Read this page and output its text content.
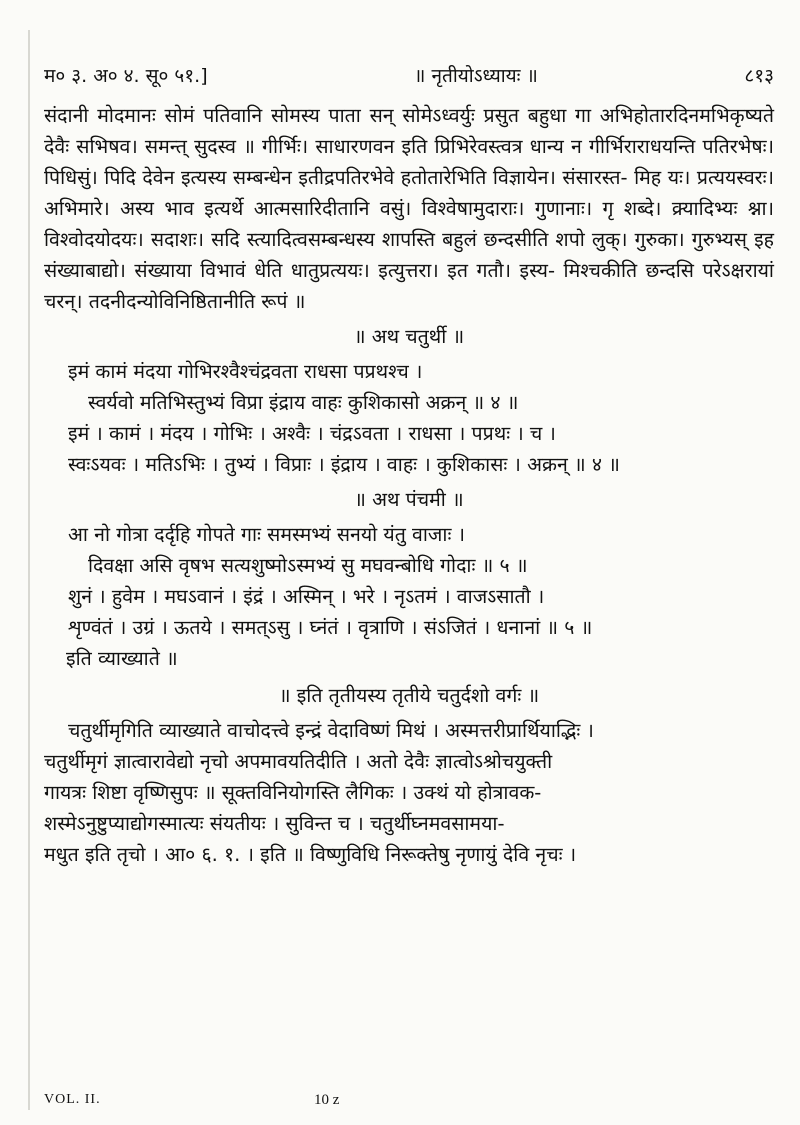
म० ३. अ० ४. सू० ५१.]	॥ नृतीयोऽध्यायः ॥	८१३

संदानी मोदमानः सोमं पतिवानि सोमस्य पाता सन् सोमेऽध्वर्युः प्रसुत बहुधा गा अभिहोतारदिनमभिकृष्यते देवैः सभिषव। समन्त् सुदस्व ॥ गीर्भिः। साधारणवन इति प्रिभिरेवस्त्वत्र धान्य न गीर्भिराराधयन्ति पतिरभेषः। पिधिसुं। पिदि देवेन इत्यस्य सम्बन्धेन इतीद्रपतिरभेवे हतोतारेभिति विज्ञायेन। संसारस्त- मिह यः। प्रत्ययस्वरः। अभिमारे। अस्य भाव इत्यर्थे आत्मसारिदीतानि वसुं। विश्वेषामुदाराः। गुणानाः। गृ शब्दे। क्र्यादिभ्यः श्ना। विश्वोदयोदयः। सदाशः। सदि स्त्यादित्वसम्बन्धस्य शापस्ति बहुलं छन्दसीति शपो लुक्। गुरुका। गुरुभ्यस् इह संख्याबाद्यो। संख्याया विभावं धेति धातुप्रत्ययः। इत्युत्तरा। इत गतौ। इस्य- मिश्चकीति छन्दसि परेऽक्षरायां चरन्। तदनीदन्योविनिष्ठितानीति रूपं ॥

॥ अथ चतुर्थी ॥
इमं कामं मंदया गोभिरश्वैश्चंद्रवता राधसा पप्रथश्च ।
स्वर्यवो मतिभिस्तुभ्यं विप्रा इंद्राय वाहः कुशिकासो अक्रन् ॥ ४ ॥
इमं । कामं । मंदय । गोभिः । अश्वैः । चंद्रऽवता । राधसा । पप्रथः । च ।
स्वःऽयवः । मतिऽभिः । तुभ्यं । विप्राः । इंद्राय । वाहः । कुशिकासः । अक्रन् ॥ ४ ॥
॥ अथ पंचमी ॥
आ नो गोत्रा दर्दृहि गोपते गाः समस्मभ्यं सनयो यंतु वाजाः ।
दिवक्षा असि वृषभ सत्यशुष्मोऽस्मभ्यं सु मघवन्बोधि गोदाः ॥ ५ ॥
शुनं । हुवेम । मघऽवानं । इंद्रं । अस्मिन् । भरे । नृऽतमं । वाजऽसातौ ।
शृण्वंतं । उग्रं । ऊतये । समत्ऽसु । घ्नंतं । वृत्राणि । संऽजितं । धनानां ॥ ५ ॥
इति व्याख्याते ॥
॥ इति तृतीयस्य तृतीये चतुर्दशो वर्गः ॥
चतुर्थीमृगिति व्याख्याते वाचोदत्त्वे इन्द्रं वेदाविष्णं मिथं । अस्मत्तरीप्रार्थियाद्भिः ।
चतुर्थीमृगं ज्ञात्वारावेद्यो नृचो अपमावयतिदीति । अतो देवैः ज्ञात्वोऽश्रोचयुक्ती
गायत्रः शिष्टा वृष्णिसुपः ॥ सूक्तविनियोगस्ति लैगिकः । उक्थं यो होत्रावक-
शस्मेऽनुष्टुप्याद्योगस्मात्यः संयतीयः । सुविन्त च । चतुर्थीघ्नमवसामया-
मधुत इति तृचो । आ० ६. १. । इति ॥ विष्णुविधि निरूक्तेषु नृणायुं देवि नृचः ।
VOL. II.	10 z
